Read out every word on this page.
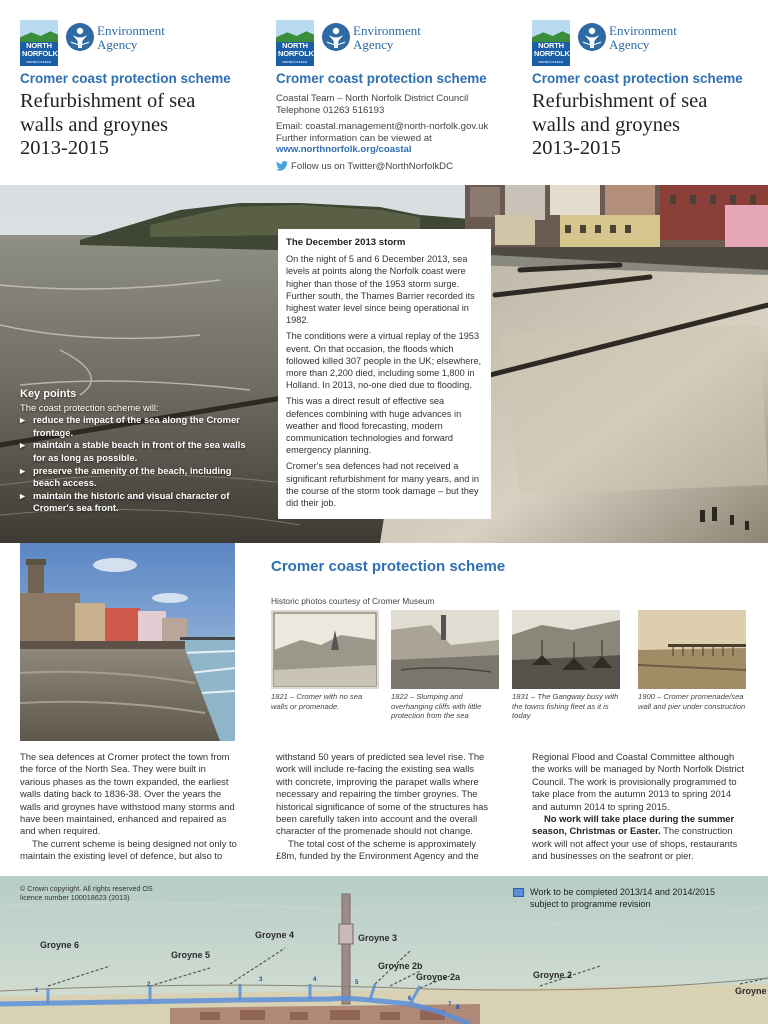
NORTH NORFOLK
DISTRICT COUNCIL
Environment
Agency
Cromer coast protection scheme
Refurbishment of sea
walls and groynes
2013-2015
NORTH NORFOLK
DISTRICT COUNCIL
Environment
Agency
Cromer coast protection scheme

Coastal Team – North Norfolk District Council
Telephone 01263 516193

Email: coastal.management@north-norfolk.gov.uk
Further information can be viewed at
www.northnorfolk.org/coastal

Follow us on Twitter@NorthNorfolkDC
NORTH NORFOLK
DISTRICT COUNCIL
Environment
Agency
Cromer coast protection scheme
Refurbishment of sea
walls and groynes
2013-2015
Key points
The coast protection scheme will:
▸ reduce the impact of the sea along the Cromer frontage.
▸ maintain a stable beach in front of the sea walls for as long as possible.
▸ preserve the amenity of the beach, including beach access.
▸ maintain the historic and visual character of Cromer's sea front.
The December 2013 storm

On the night of 5 and 6 December 2013, sea levels at points along the Norfolk coast were higher than those of the 1953 storm surge. Further south, the Thames Barrier recorded its highest water level since being operational in 1982.

The conditions were a virtual replay of the 1953 event. On that occasion, the floods which followed killed 307 people in the UK; elsewhere, more than 2,200 died, including some 1,800 in Holland. In 2013, no-one died due to flooding.

This was a direct result of effective sea defences combining with huge advances in weather and flood forecasting, modern communication technologies and forward emergency planning.

Cromer's sea defences had not received a significant refurbishment for many years, and in the course of the storm took damage – but they did their job.

Cromer coast protection scheme
Historic photos courtesy of Cromer Museum
1821 – Cromer with no sea walls or promenade.
1822 – Slumping and overhanging cliffs with little protection from the sea
1831 – The Gangway busy with the towns fishing fleet as it is today
1900 – Cromer promenade/sea wall and pier under construction

The sea defences at Cromer protect the town from the force of the North Sea. They were built in various phases as the town expanded, the earliest walls dating back to 1836-38. Over the years the walls and groynes have withstood many storms and have been maintained, enhanced and repaired as and when required.

The current scheme is being designed not only to maintain the existing level of defence, but also to

withstand 50 years of predicted sea level rise. The work will include re-facing the existing sea walls with concrete, improving the parapet walls where necessary and repairing the timber groynes. The historical significance of some of the structures has been carefully taken into account and the overall character of the promenade should not change.

The total cost of the scheme is approximately £8m, funded by the Environment Agency and the

Regional Flood and Coastal Committee although the works will be managed by North Norfolk District Council. The work is provisionally programmed to take place from the autumn 2013 to spring 2014 and autumn 2014 to spring 2015.

No work will take place during the summer season, Christmas or Easter. The construction work will not affect your use of shops, restaurants and businesses on the seafront or pier.

© Crown copyright. All rights reserved OS
licence number 100018623 (2013)
Work to be completed 2013/14 and 2014/2015
subject to programme revision
Groyne 6
Groyne 5
Groyne 4	Groyne 3
Groyne 2b
Groyne 2a	Groyne 2
Groyne
1
2
3	4	5
6
7 8
